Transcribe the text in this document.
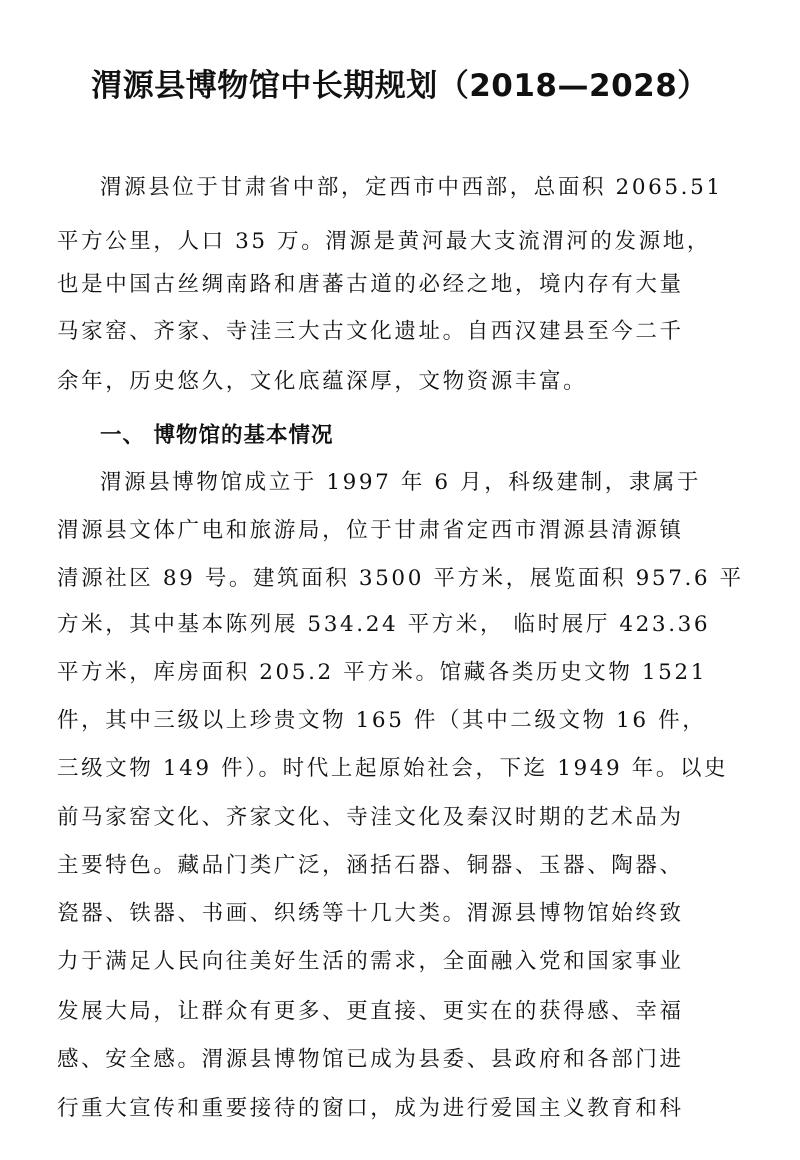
渭源县博物馆中长期规划（2018—2028）
渭源县位于甘肃省中部，定西市中西部，总面积 2065.51
平方公里，人口 35 万。渭源是黄河最大支流渭河的发源地，
也是中国古丝绸南路和唐蕃古道的必经之地，境内存有大量
马家窑、齐家、寺洼三大古文化遗址。自西汉建县至今二千
余年，历史悠久，文化底蕴深厚，文物资源丰富。
一、 博物馆的基本情况
渭源县博物馆成立于 1997 年 6 月，科级建制，隶属于
渭源县文体广电和旅游局，位于甘肃省定西市渭源县清源镇
清源社区 89 号。建筑面积 3500 平方米，展览面积 957.6 平
方米，其中基本陈列展 534.24 平方米， 临时展厅 423.36
平方米，库房面积 205.2 平方米。馆藏各类历史文物 1521
件，其中三级以上珍贵文物 165 件（其中二级文物 16 件，
三级文物 149 件）。时代上起原始社会，下迄 1949 年。以史
前马家窑文化、齐家文化、寺洼文化及秦汉时期的艺术品为
主要特色。藏品门类广泛，涵括石器、铜器、玉器、陶器、
瓷器、铁器、书画、织绣等十几大类。渭源县博物馆始终致
力于满足人民向往美好生活的需求，全面融入党和国家事业
发展大局，让群众有更多、更直接、更实在的获得感、幸福
感、安全感。渭源县博物馆已成为县委、县政府和各部门进
行重大宣传和重要接待的窗口，成为进行爱国主义教育和科
